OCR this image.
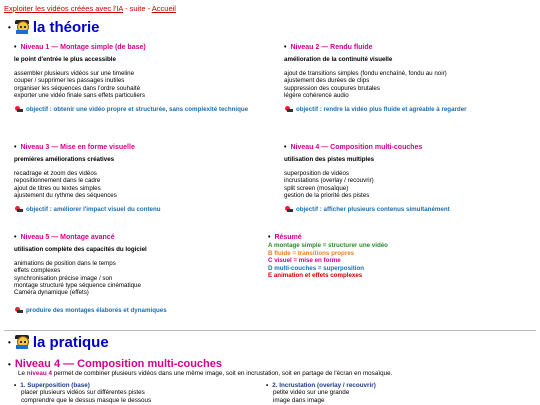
Exploiter les vidéos créées avec l'IA - suite - Accueil
• la théorie
• Niveau 1 — Montage simple (de base)
le point d'entrée le plus accessible
assembler plusieurs vidéos sur une timeline
couper / supprimer les passages inutiles
organiser les séquences dans l'ordre souhaité
exporter une vidéo finale sans effets particuliers
objectif : obtenir une vidéo propre et structurée, sans complexité technique
• Niveau 2 — Rendu fluide
amélioration de la continuité visuelle
ajout de transitions simples (fondu enchaîné, fondu au noir)
ajustement des durées de clips
suppression des coupures brutales
légère cohérence audio
objectif : rendre la vidéo plus fluide et agréable à regarder
• Niveau 3 — Mise en forme visuelle
premières améliorations créatives
recadrage et zoom des vidéos
repositionnement dans le cadre
ajout de titres ou textes simples
ajustement du rythme des séquences
objectif : améliorer l'impact visuel du contenu
• Niveau 4 — Composition multi-couches
utilisation des pistes multiples
superposition de vidéos
incrustations (overlay / recouvrir)
split screen (mosaïque)
gestion de la priorité des pistes
objectif : afficher plusieurs contenus simultanément
• Niveau 5 — Montage avancé
utilisation complète des capacités du logiciel
animations de position dans le temps
effets complexes
synchronisation précise image / son
montage structuré type séquence cinématique
Caméra dynamique (effets)
produire des montages élaborés et dynamiques
• Résumé
A montage simple = structurer une vidéo
B fluide = transitions propres
C visuel = mise en forme
D multi-couches = superposition
E animation et effets complexes
• la pratique
• Niveau 4 — Composition multi-couches
Le niveau 4 permet de combiner plusieurs vidéos dans une même image, soit en incrustation, soit en partage de l'écran en mosaïque.
• 1. Superposition (base)
placer plusieurs vidéos sur différentes pistes
comprendre que le dessus masque le dessous
• 2. Incrustation (overlay / recouvrir)
petite vidéo sur une grande
image dans image
